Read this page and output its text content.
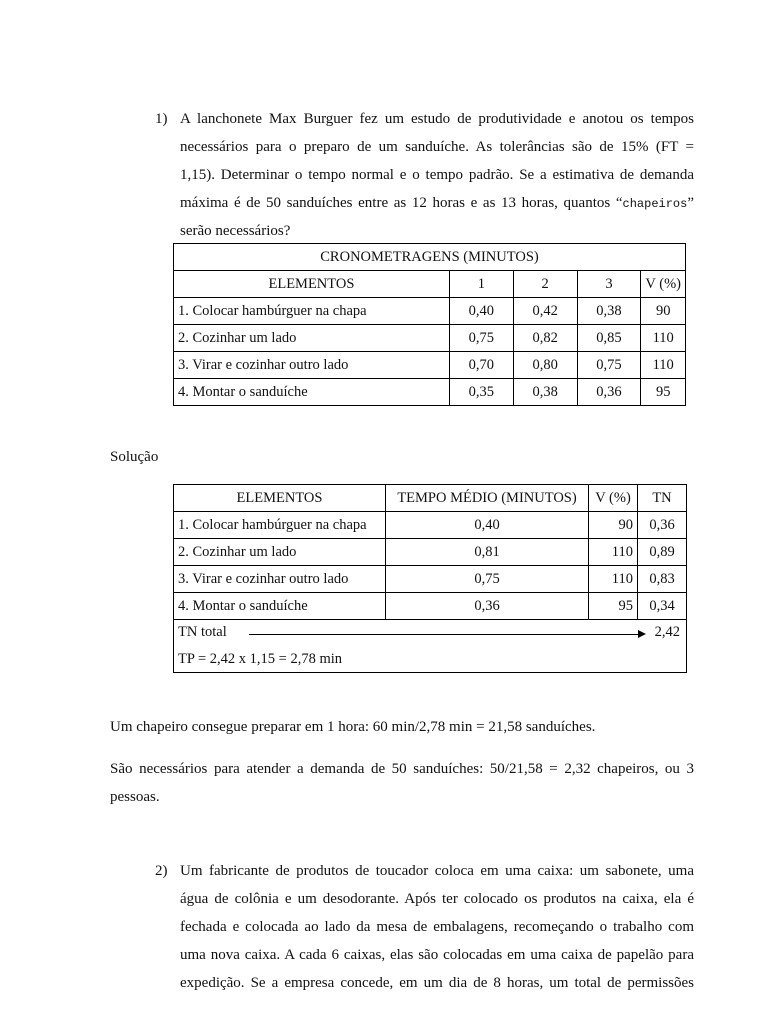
1) A lanchonete Max Burguer fez um estudo de produtividade e anotou os tempos
necessários para o preparo de um sanduíche. As tolerâncias são de 15% (FT =
1,15). Determinar o tempo normal e o tempo padrão. Se a estimativa de demanda
máxima é de 50 sanduíches entre as 12 horas e as 13 horas, quantos “chapeiros”
serão necessários?
CRONOMETRAGENS (MINUTOS)				
ELEMENTOS	1	2	3	V (%)
1. Colocar hambúrguer na chapa	0,40	0,42	0,38	90
2. Cozinhar um lado	0,75	0,82	0,85	110
3. Virar e cozinhar outro lado	0,70	0,80	0,75	110
4. Montar o sanduíche	0,35	0,38	0,36	95
Solução
ELEMENTOS	TEMPO MÉDIO (MINUTOS)	V (%)	TN
1. Colocar hambúrguer na chapa	0,40	90	0,36
2. Cozinhar um lado	0,81	110	0,89
3. Virar e cozinhar outro lado	0,75	110	0,83
4. Montar o sanduíche	0,36	95	0,34

TN total 2,42
TP = 2,42 x 1,15 = 2,78 min			
Um chapeiro consegue preparar em 1 hora: 60 min/2,78 min = 21,58 sanduíches.
São necessários para atender a demanda de 50 sanduíches: 50/21,58 = 2,32 chapeiros, ou 3
pessoas.
2) Um fabricante de produtos de toucador coloca em uma caixa: um sabonete, uma
água de colônia e um desodorante. Após ter colocado os produtos na caixa, ela é
fechada e colocada ao lado da mesa de embalagens, recomeçando o trabalho com
uma nova caixa. A cada 6 caixas, elas são colocadas em uma caixa de papelão para
expedição. Se a empresa concede, em um dia de 8 horas, um total de permissões
